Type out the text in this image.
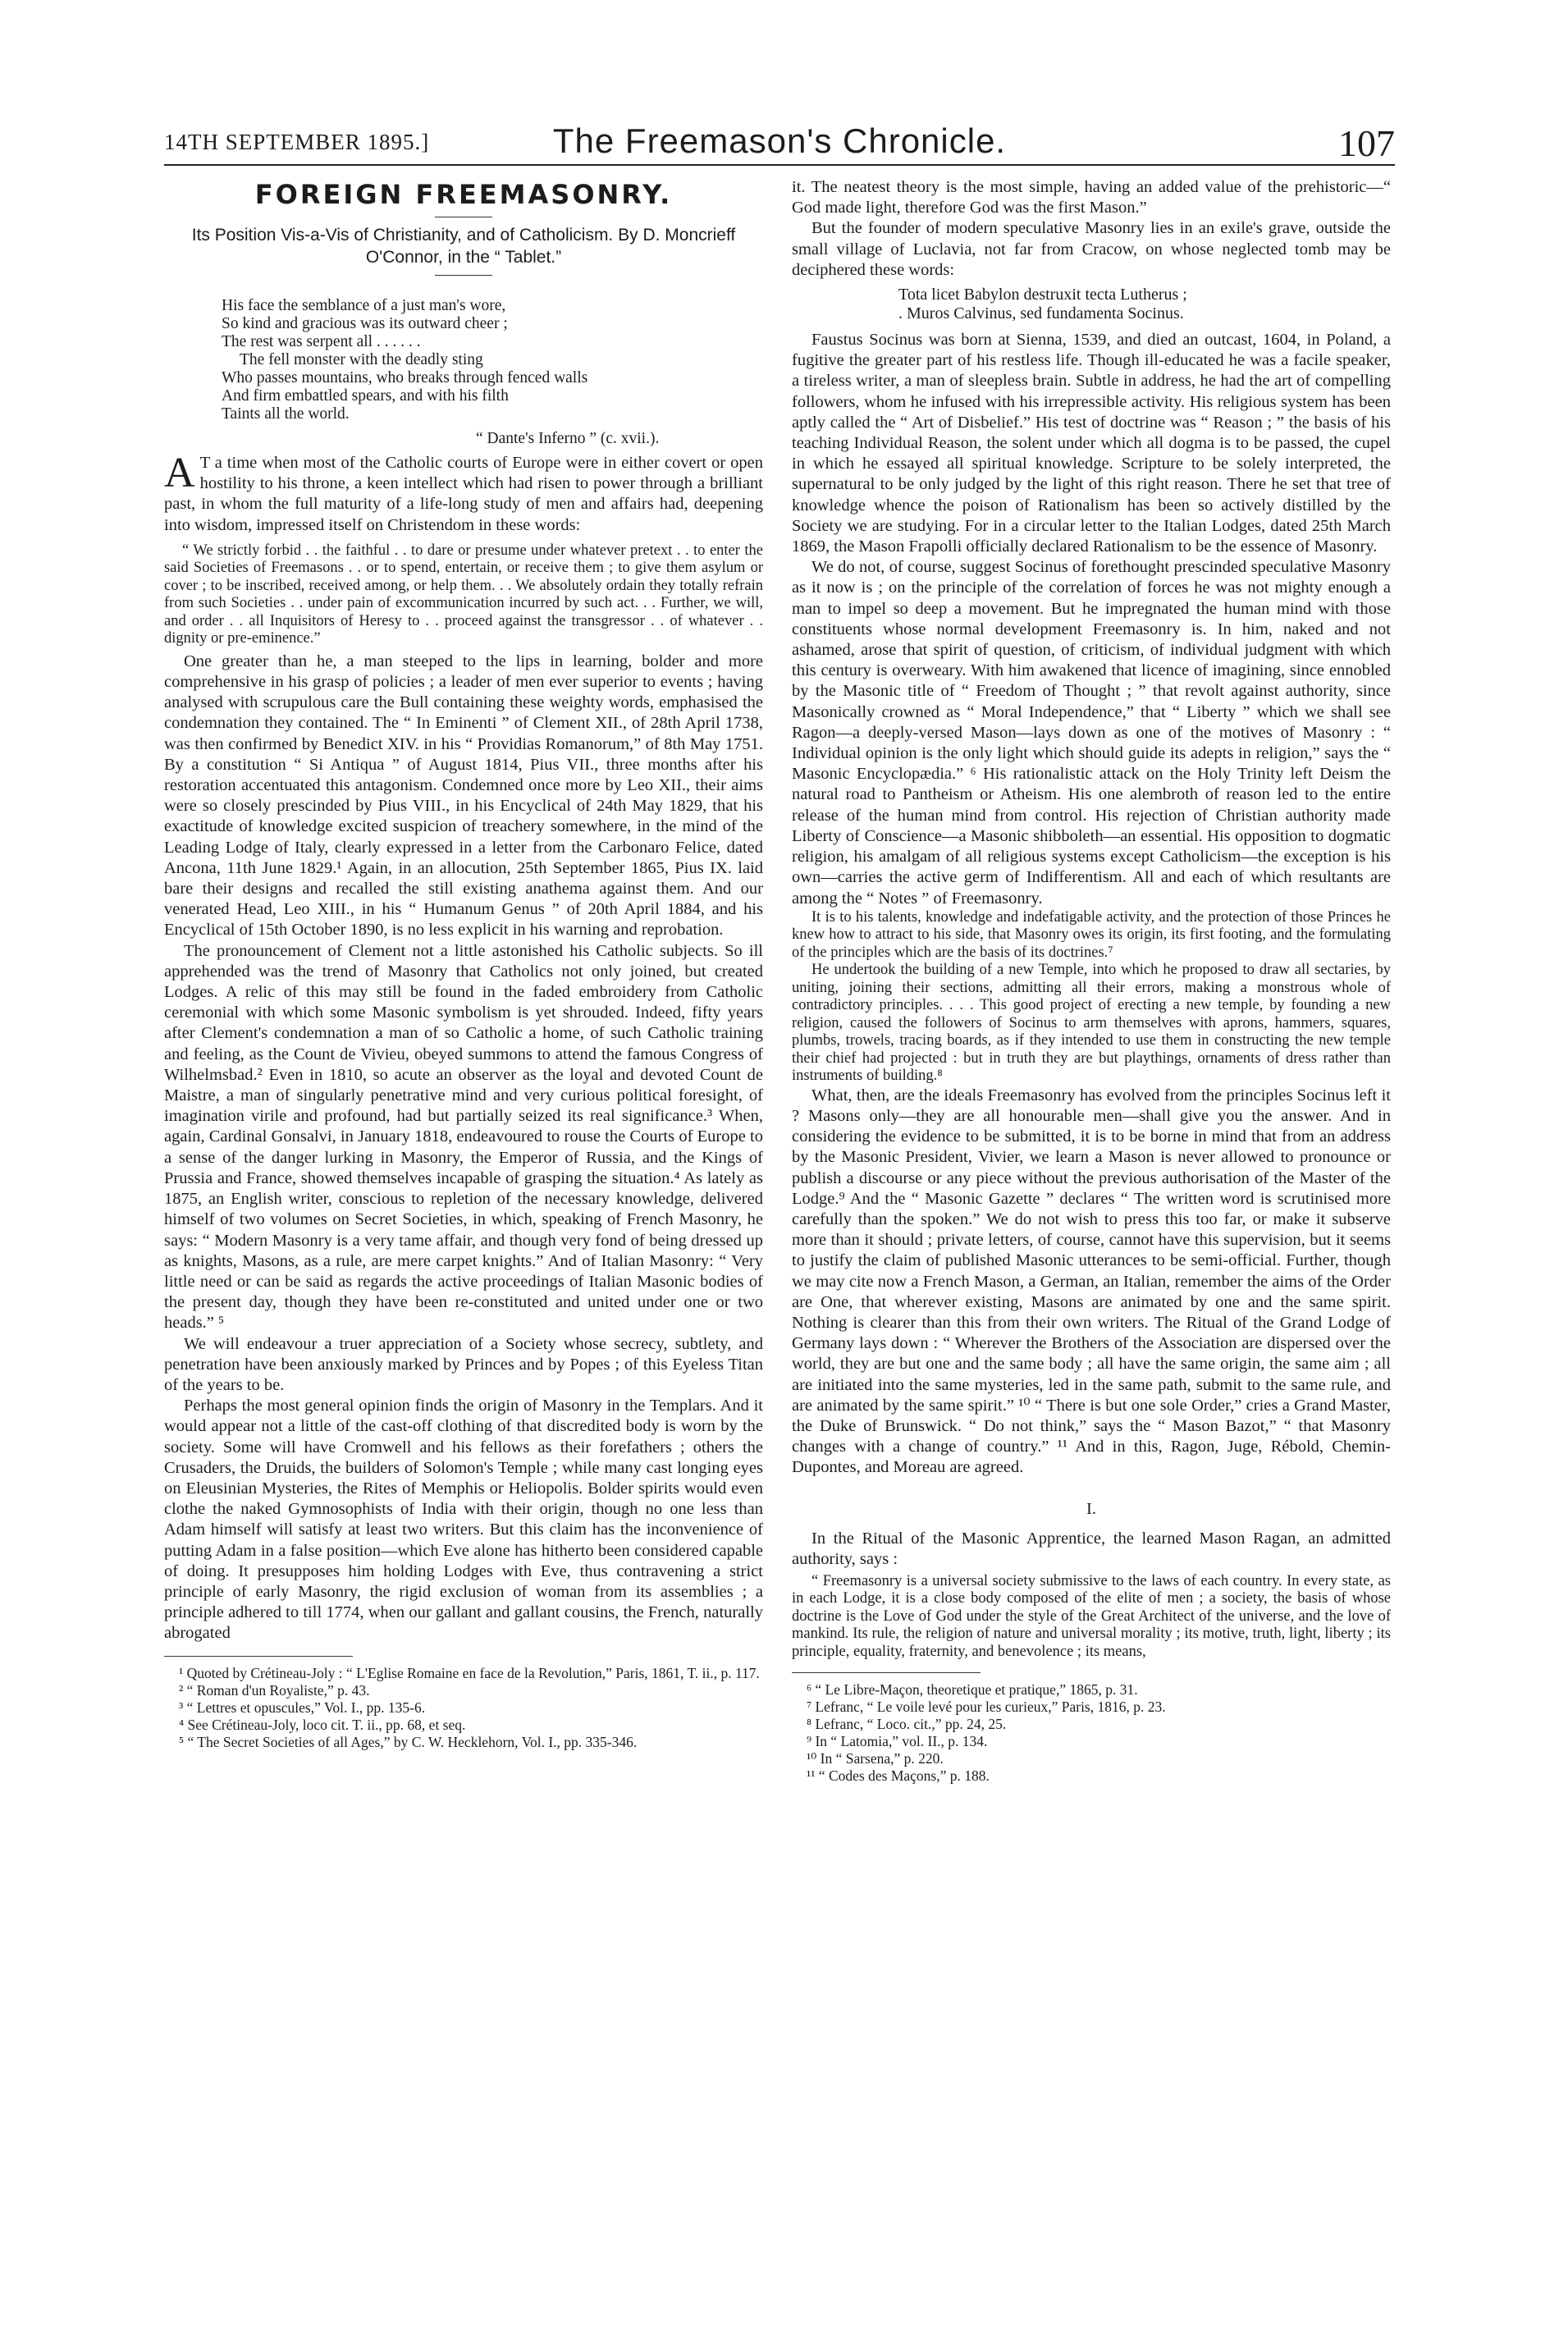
14TH SEPTEMBER 1895.]	The Freemason's Chronicle.	107
FOREIGN FREEMASONRY.
Its Position Vis-a-Vis of Christianity, and of Catholicism. By D. Moncrieff O'Connor, in the “ Tablet.”
His face the semblance of a just man's wore,
So kind and gracious was its outward cheer ;
The rest was serpent all . . . . . .
The fell monster with the deadly sting
Who passes mountains, who breaks through fenced walls
And firm embattled spears, and with his filth
Taints all the world.
“ Dante's Inferno ” (c. xvii.).

A T a time when most of the Catholic courts of Europe were in either covert or open hostility to his throne, a keen intellect which had risen to power through a brilliant past, in whom the full maturity of a life-long study of men and affairs had, deepening into wisdom, impressed itself on Christendom in these words:

“ We strictly forbid . . the faithful . . to dare or presume under whatever pretext . . to enter the said Societies of Freemasons . . or to spend, entertain, or receive them ; to give them asylum or cover ; to be inscribed, received among, or help them. . . We absolutely ordain they totally refrain from such Societies . . under pain of excommunication incurred by such act. . . Further, we will, and order . . all Inquisitors of Heresy to . . proceed against the transgressor . . of whatever . . dignity or pre-eminence.”

One greater than he, a man steeped to the lips in learning, bolder and more comprehensive in his grasp of policies ; a leader of men ever superior to events ; having analysed with scrupulous care the Bull containing these weighty words, emphasised the condemnation they contained. The “ In Eminenti ” of Clement XII., of 28th April 1738, was then confirmed by Benedict XIV. in his “ Providias Romanorum,” of 8th May 1751. By a constitution “ Si Antiqua ” of August 1814, Pius VII., three months after his restoration accentuated this antagonism. Condemned once more by Leo XII., their aims were so closely prescinded by Pius VIII., in his Encyclical of 24th May 1829, that his exactitude of knowledge excited suspicion of treachery somewhere, in the mind of the Leading Lodge of Italy, clearly expressed in a letter from the Carbonaro Felice, dated Ancona, 11th June 1829.¹ Again, in an allocution, 25th September 1865, Pius IX. laid bare their designs and recalled the still existing anathema against them. And our venerated Head, Leo XIII., in his “ Humanum Genus ” of 20th April 1884, and his Encyclical of 15th October 1890, is no less explicit in his warning and reprobation.

The pronouncement of Clement not a little astonished his Catholic subjects. So ill apprehended was the trend of Masonry that Catholics not only joined, but created Lodges. A relic of this may still be found in the faded embroidery from Catholic ceremonial with which some Masonic symbolism is yet shrouded. Indeed, fifty years after Clement's condemnation a man of so Catholic a home, of such Catholic training and feeling, as the Count de Vivieu, obeyed summons to attend the famous Congress of Wilhelmsbad.² Even in 1810, so acute an observer as the loyal and devoted Count de Maistre, a man of singularly penetrative mind and very curious political foresight, of imagination virile and profound, had but partially seized its real significance.³ When, again, Cardinal Gonsalvi, in January 1818, endeavoured to rouse the Courts of Europe to a sense of the danger lurking in Masonry, the Emperor of Russia, and the Kings of Prussia and France, showed themselves incapable of grasping the situation.⁴ As lately as 1875, an English writer, conscious to repletion of the necessary knowledge, delivered himself of two volumes on Secret Societies, in which, speaking of French Masonry, he says: “ Modern Masonry is a very tame affair, and though very fond of being dressed up as knights, Masons, as a rule, are mere carpet knights.” And of Italian Masonry: “ Very little need or can be said as regards the active proceedings of Italian Masonic bodies of the present day, though they have been re-constituted and united under one or two heads.” ⁵

We will endeavour a truer appreciation of a Society whose secrecy, subtlety, and penetration have been anxiously marked by Princes and by Popes ; of this Eyeless Titan of the years to be.

Perhaps the most general opinion finds the origin of Masonry in the Templars. And it would appear not a little of the cast-off clothing of that discredited body is worn by the society. Some will have Cromwell and his fellows as their forefathers ; others the Crusaders, the Druids, the builders of Solomon's Temple ; while many cast longing eyes on Eleusinian Mysteries, the Rites of Memphis or Heliopolis. Bolder spirits would even clothe the naked Gymnosophists of India with their origin, though no one less than Adam himself will satisfy at least two writers. But this claim has the inconvenience of putting Adam in a false position—which Eve alone has hitherto been considered capable of doing. It presupposes him holding Lodges with Eve, thus contravening a strict principle of early Masonry, the rigid exclusion of woman from its assemblies ; a principle adhered to till 1774, when our gallant and gallant cousins, the French, naturally abrogated

¹ Quoted by Crétineau-Joly : “ L'Eglise Romaine en face de la Revolution,” Paris, 1861, T. ii., p. 117.

² “ Roman d'un Royaliste,” p. 43.

³ “ Lettres et opuscules,” Vol. I., pp. 135-6.

⁴ See Crétineau-Joly, loco cit. T. ii., pp. 68, et seq.

⁵ “ The Secret Societies of all Ages,” by C. W. Hecklehorn, Vol. I., pp. 335-346.

it. The neatest theory is the most simple, having an added value of the prehistoric—“ God made light, therefore God was the first Mason.”

But the founder of modern speculative Masonry lies in an exile's grave, outside the small village of Luclavia, not far from Cracow, on whose neglected tomb may be deciphered these words:

Tota licet Babylon destruxit tecta Lutherus ;
. Muros Calvinus, sed fundamenta Socinus.

Faustus Socinus was born at Sienna, 1539, and died an outcast, 1604, in Poland, a fugitive the greater part of his restless life. Though ill-educated he was a facile speaker, a tireless writer, a man of sleepless brain. Subtle in address, he had the art of compelling followers, whom he infused with his irrepressible activity. His religious system has been aptly called the “ Art of Disbelief.” His test of doctrine was “ Reason ; ” the basis of his teaching Individual Reason, the solent under which all dogma is to be passed, the cupel in which he essayed all spiritual knowledge. Scripture to be solely interpreted, the supernatural to be only judged by the light of this right reason. There he set that tree of knowledge whence the poison of Rationalism has been so actively distilled by the Society we are studying. For in a circular letter to the Italian Lodges, dated 25th March 1869, the Mason Frapolli officially declared Rationalism to be the essence of Masonry.

We do not, of course, suggest Socinus of forethought prescinded speculative Masonry as it now is ; on the principle of the correlation of forces he was not mighty enough a man to impel so deep a movement. But he impregnated the human mind with those constituents whose normal development Freemasonry is. In him, naked and not ashamed, arose that spirit of question, of criticism, of individual judgment with which this century is overweary. With him awakened that licence of imagining, since ennobled by the Masonic title of “ Freedom of Thought ; ” that revolt against authority, since Masonically crowned as “ Moral Independence,” that “ Liberty ” which we shall see Ragon—a deeply-versed Mason—lays down as one of the motives of Masonry : “ Individual opinion is the only light which should guide its adepts in religion,” says the “ Masonic Encyclopædia.” ⁶ His rationalistic attack on the Holy Trinity left Deism the natural road to Pantheism or Atheism. His one alembroth of reason led to the entire release of the human mind from control. His rejection of Christian authority made Liberty of Conscience—a Masonic shibboleth—an essential. His opposition to dogmatic religion, his amalgam of all religious systems except Catholicism—the exception is his own—carries the active germ of Indifferentism. All and each of which resultants are among the “ Notes ” of Freemasonry.

It is to his talents, knowledge and indefatigable activity, and the protection of those Princes he knew how to attract to his side, that Masonry owes its origin, its first footing, and the formulating of the principles which are the basis of its doctrines.⁷

He undertook the building of a new Temple, into which he proposed to draw all sectaries, by uniting, joining their sections, admitting all their errors, making a monstrous whole of contradictory principles. . . . This good project of erecting a new temple, by founding a new religion, caused the followers of Socinus to arm themselves with aprons, hammers, squares, plumbs, trowels, tracing boards, as if they intended to use them in constructing the new temple their chief had projected : but in truth they are but playthings, ornaments of dress rather than instruments of building.⁸

What, then, are the ideals Freemasonry has evolved from the principles Socinus left it ? Masons only—they are all honourable men—shall give you the answer. And in considering the evidence to be submitted, it is to be borne in mind that from an address by the Masonic President, Vivier, we learn a Mason is never allowed to pronounce or publish a discourse or any piece without the previous authorisation of the Master of the Lodge.⁹ And the “ Masonic Gazette ” declares “ The written word is scrutinised more carefully than the spoken.” We do not wish to press this too far, or make it subserve more than it should ; private letters, of course, cannot have this supervision, but it seems to justify the claim of published Masonic utterances to be semi-official. Further, though we may cite now a French Mason, a German, an Italian, remember the aims of the Order are One, that wherever existing, Masons are animated by one and the same spirit. Nothing is clearer than this from their own writers. The Ritual of the Grand Lodge of Germany lays down : “ Wherever the Brothers of the Association are dispersed over the world, they are but one and the same body ; all have the same origin, the same aim ; all are initiated into the same mysteries, led in the same path, submit to the same rule, and are animated by the same spirit.” ¹⁰ “ There is but one sole Order,” cries a Grand Master, the Duke of Brunswick. “ Do not think,” says the “ Mason Bazot,” “ that Masonry changes with a change of country.” ¹¹ And in this, Ragon, Juge, Rébold, Chemin-Dupontes, and Moreau are agreed.

I.

In the Ritual of the Masonic Apprentice, the learned Mason Ragan, an admitted authority, says :

“ Freemasonry is a universal society submissive to the laws of each country. In every state, as in each Lodge, it is a close body composed of the elite of men ; a society, the basis of whose doctrine is the Love of God under the style of the Great Architect of the universe, and the love of mankind. Its rule, the religion of nature and universal morality ; its motive, truth, light, liberty ; its principle, equality, fraternity, and benevolence ; its means,

⁶ “ Le Libre-Maçon, theoretique et pratique,” 1865, p. 31.

⁷ Lefranc, “ Le voile levé pour les curieux,” Paris, 1816, p. 23.

⁸ Lefranc, “ Loco. cit.,” pp. 24, 25.

⁹ In “ Latomia,” vol. II., p. 134.

¹⁰ In “ Sarsena,” p. 220.

¹¹ “ Codes des Maçons,” p. 188.
